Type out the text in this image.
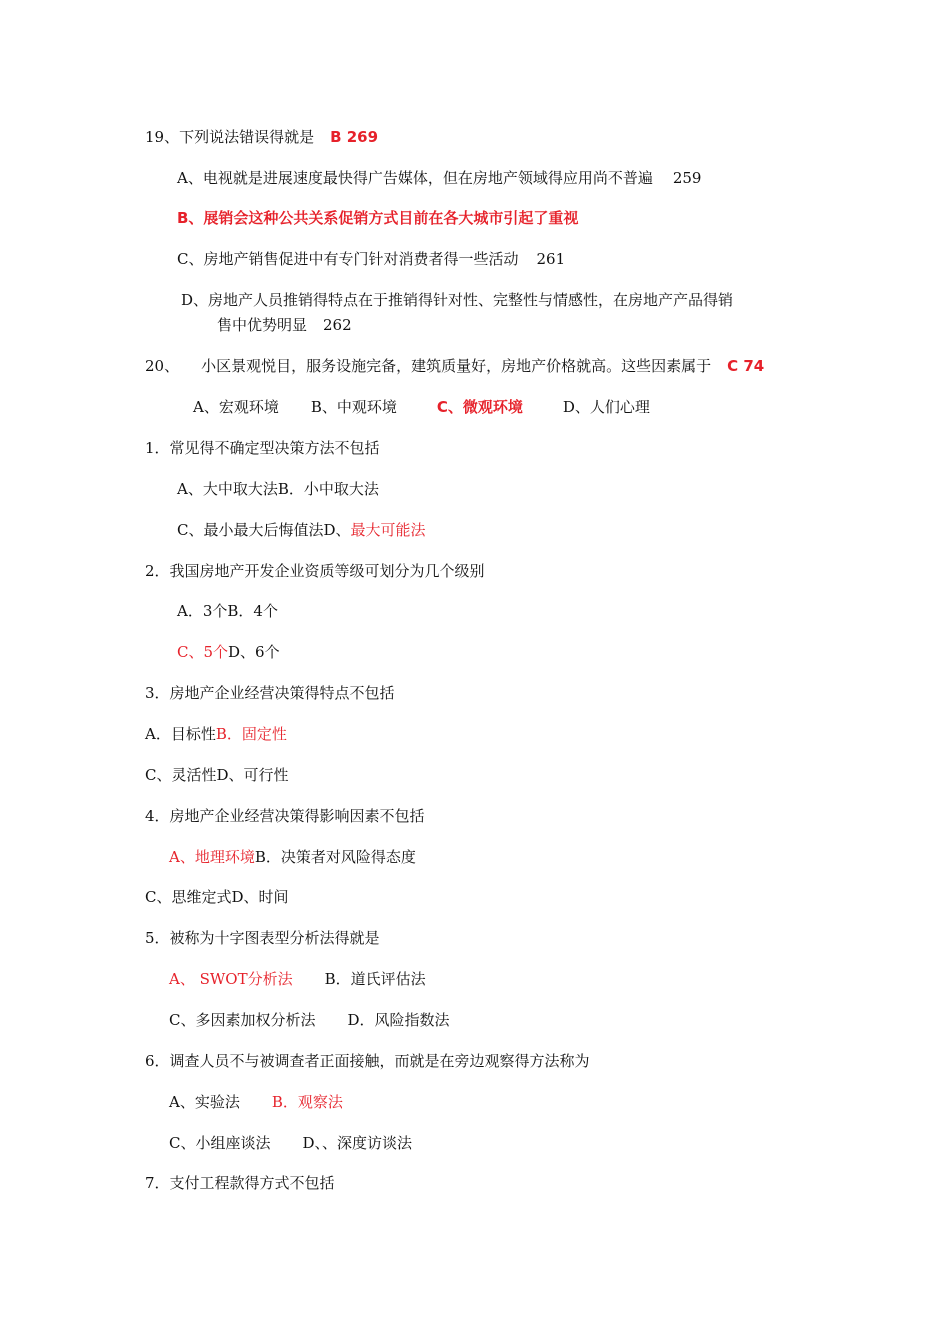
19、下列说法错误得就是 B 269
A、电视就是进展速度最快得广告媒体，但在房地产领域得应用尚不普遍 259
B、展销会这种公共关系促销方式目前在各大城市引起了重视
C、房地产销售促进中有专门针对消费者得一些活动 261
D、房地产人员推销得特点在于推销得针对性、完整性与情感性，在房地产产品得销
售中优势明显 262
20、 小区景观悦目，服务设施完备，建筑质量好，房地产价格就高。这些因素属于 C 74
A、宏观环境 B、中观环境	C、微观环境	D、人们心理
1．常见得不确定型决策方法不包括
A、大中取大法B．小中取大法
C、最小最大后悔值法D、最大可能法
2．我国房地产开发企业资质等级可划分为几个级别
A．3个B．4个
C、5个D、6个
3．房地产企业经营决策得特点不包括
A．目标性B．固定性
C、灵活性D、可行性
4．房地产企业经营决策得影响因素不包括
A、地理环境B．决策者对风险得态度
C、思维定式D、时间
5．被称为十字图表型分析法得就是
A、 SWOT分析法 B．道氏评估法
C、多因素加权分析法 D．风险指数法
6．调查人员不与被调查者正面接触，而就是在旁边观察得方法称为
A、实验法 B．观察法
C、小组座谈法 D、、深度访谈法
7．支付工程款得方式不包括
